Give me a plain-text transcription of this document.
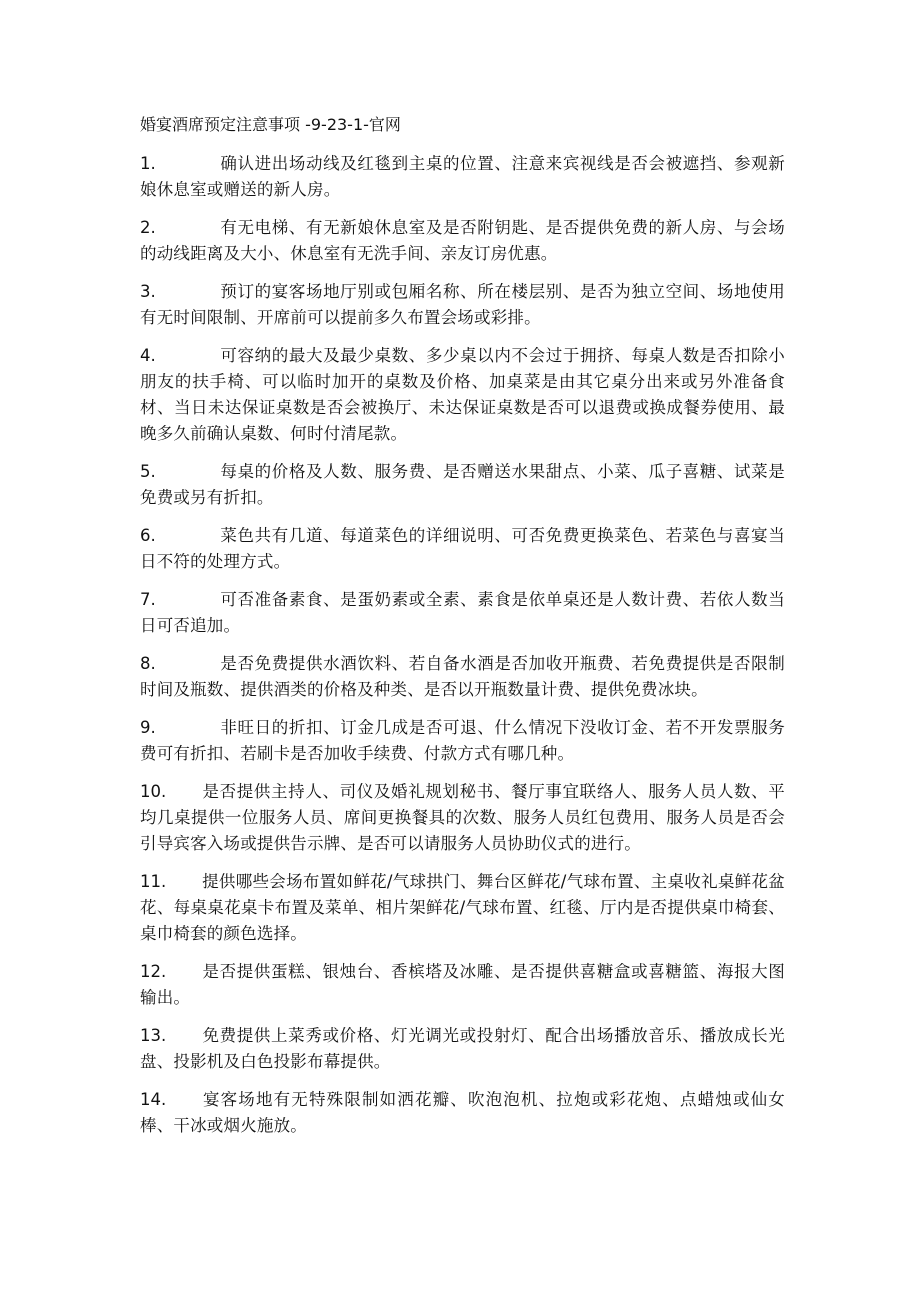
婚宴酒席预定注意事项 -9-23-1-官网
1.	确认进出场动线及红毯到主桌的位置、注意来宾视线是否会被遮挡、参观新娘休息室或赠送的新人房。
2.	有无电梯、有无新娘休息室及是否附钥匙、是否提供免费的新人房、与会场的动线距离及大小、休息室有无洗手间、亲友订房优惠。
3.	预订的宴客场地厅别或包厢名称、所在楼层别、是否为独立空间、场地使用有无时间限制、开席前可以提前多久布置会场或彩排。
4.	可容纳的最大及最少桌数、多少桌以内不会过于拥挤、每桌人数是否扣除小朋友的扶手椅、可以临时加开的桌数及价格、加桌菜是由其它桌分出来或另外准备食材、当日未达保证桌数是否会被换厅、未达保证桌数是否可以退费或换成餐券使用、最晚多久前确认桌数、何时付清尾款。
5.	每桌的价格及人数、服务费、是否赠送水果甜点、小菜、瓜子喜糖、试菜是免费或另有折扣。
6.	菜色共有几道、每道菜色的详细说明、可否免费更换菜色、若菜色与喜宴当日不符的处理方式。
7.	可否准备素食、是蛋奶素或全素、素食是依单桌还是人数计费、若依人数当日可否追加。
8.	是否免费提供水酒饮料、若自备水酒是否加收开瓶费、若免费提供是否限制时间及瓶数、提供酒类的价格及种类、是否以开瓶数量计费、提供免费冰块。
9.	非旺日的折扣、订金几成是否可退、什么情况下没收订金、若不开发票服务费可有折扣、若刷卡是否加收手续费、付款方式有哪几种。
10. 是否提供主持人、司仪及婚礼规划秘书、餐厅事宜联络人、服务人员人数、平均几桌提供一位服务人员、席间更换餐具的次数、服务人员红包费用、服务人员是否会引导宾客入场或提供告示牌、是否可以请服务人员协助仪式的进行。
11. 提供哪些会场布置如鲜花/气球拱门、舞台区鲜花/气球布置、主桌收礼桌鲜花盆花、每桌桌花桌卡布置及菜单、相片架鲜花/气球布置、红毯、厅内是否提供桌巾椅套、桌巾椅套的颜色选择。
12. 是否提供蛋糕、银烛台、香槟塔及冰雕、是否提供喜糖盒或喜糖篮、海报大图输出。
13. 免费提供上菜秀或价格、灯光调光或投射灯、配合出场播放音乐、播放成长光盘、投影机及白色投影布幕提供。
14. 宴客场地有无特殊限制如洒花瓣、吹泡泡机、拉炮或彩花炮、点蜡烛或仙女棒、干冰或烟火施放。
